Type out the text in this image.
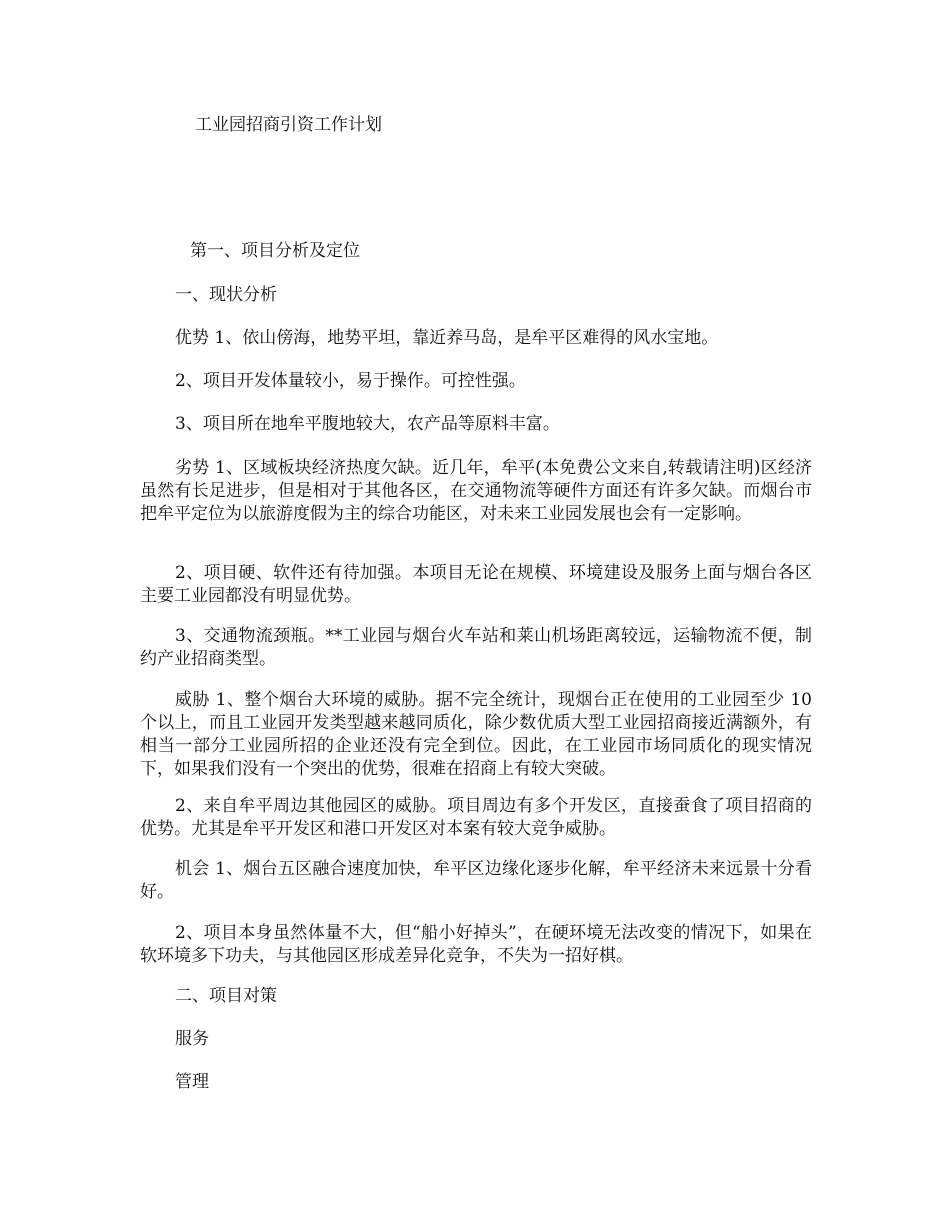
工业园招商引资工作计划

第一、项目分析及定位

一、现状分析

优势 1、依山傍海，地势平坦，靠近养马岛，是牟平区难得的风水宝地。

2、项目开发体量较小，易于操作。可控性强。

3、项目所在地牟平腹地较大，农产品等原料丰富。

劣势 1、区域板块经济热度欠缺。近几年，牟平(本免费公文来自,转载请注明)区经济虽然有长足进步，但是相对于其他各区，在交通物流等硬件方面还有许多欠缺。而烟台市把牟平定位为以旅游度假为主的综合功能区，对未来工业园发展也会有一定影响。

2、项目硬、软件还有待加强。本项目无论在规模、环境建设及服务上面与烟台各区主要工业园都没有明显优势。

3、交通物流颈瓶。**工业园与烟台火车站和莱山机场距离较远，运输物流不便，制约产业招商类型。

威胁 1、整个烟台大环境的威胁。据不完全统计，现烟台正在使用的工业园至少 10 个以上，而且工业园开发类型越来越同质化，除少数优质大型工业园招商接近满额外，有相当一部分工业园所招的企业还没有完全到位。因此，在工业园市场同质化的现实情况下，如果我们没有一个突出的优势，很难在招商上有较大突破。

2、来自牟平周边其他园区的威胁。项目周边有多个开发区，直接蚕食了项目招商的优势。尤其是牟平开发区和港口开发区对本案有较大竞争威胁。

机会 1、烟台五区融合速度加快，牟平区边缘化逐步化解，牟平经济未来远景十分看好。

2、项目本身虽然体量不大，但“船小好掉头”，在硬环境无法改变的情况下，如果在软环境多下功夫，与其他园区形成差异化竞争，不失为一招好棋。

二、项目对策

服务

管理
